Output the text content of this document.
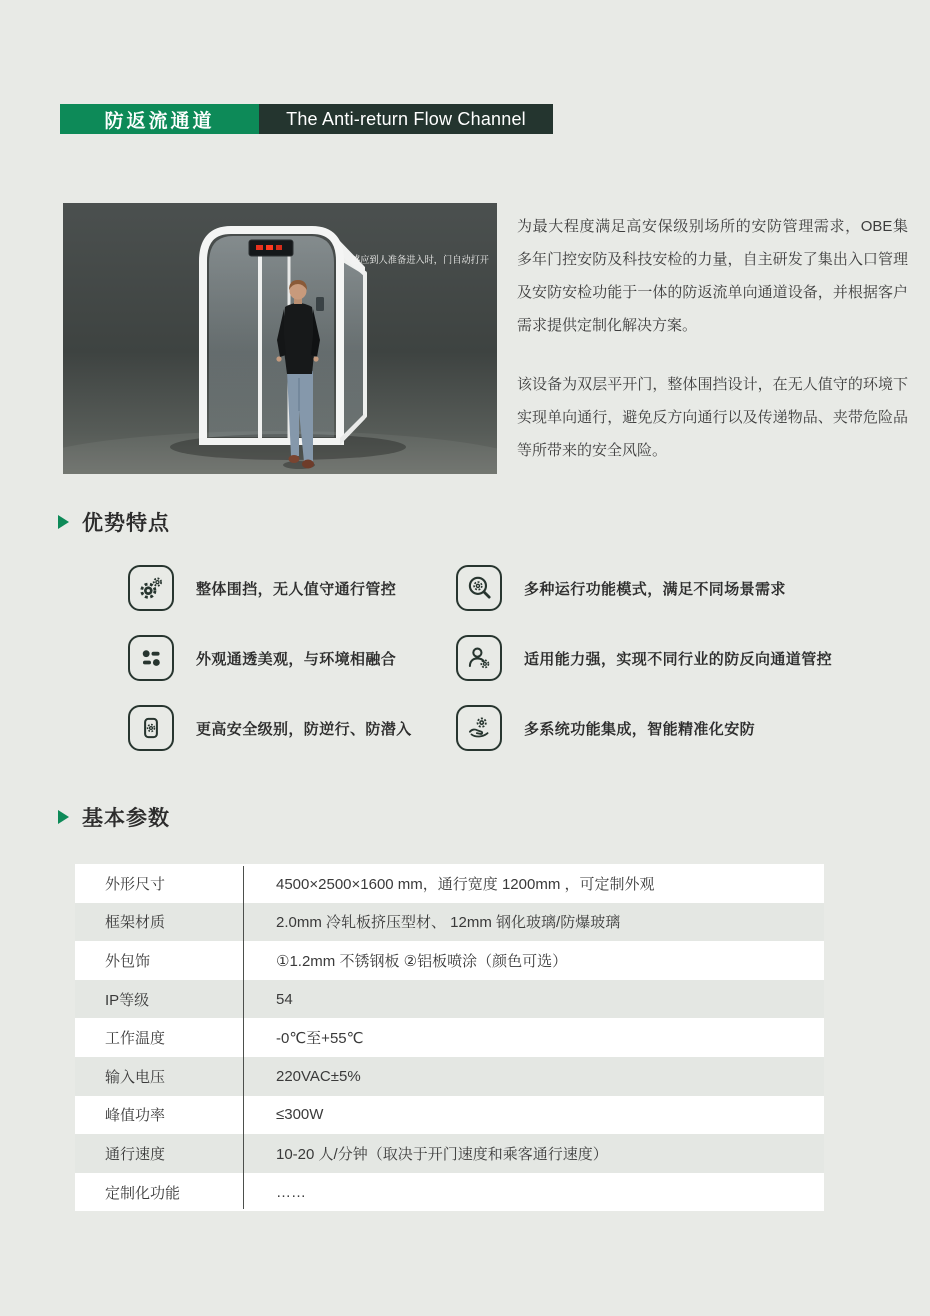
防返流通道	The Anti-return Flow Channel
感应到人准备进入时，门自动打开

为最大程度满足高安保级别场所的安防管理需求，OBE集多年门控安防及科技安检的力量，自主研发了集出入口管理及安防安检功能于一体的防返流单向通道设备，并根据客户需求提供定制化解决方案。

该设备为双层平开门，整体围挡设计，在无人值守的环境下实现单向通行，避免反方向通行以及传递物品、夹带危险品等所带来的安全风险。

优势特点
整体围挡，无人值守通行管控	多种运行功能模式，满足不同场景需求
外观通透美观，与环境相融合	适用能力强，实现不同行业的防反向通道管控
更高安全级别，防逆行、防潜入	多系统功能集成，智能精准化安防
基本参数
外形尺寸	4500×2500×1600 mm，通行宽度 1200mm ，可定制外观
框架材质	2.0mm 冷轧板挤压型材、 12mm 钢化玻璃/防爆玻璃
外包饰	①1.2mm 不锈钢板 ②铝板喷涂（颜色可选）
IP等级	54
工作温度	-0℃至+55℃
输入电压	220VAC±5%
峰值功率	≤300W
通行速度	10-20 人/分钟（取决于开门速度和乘客通行速度）
定制化功能	……
